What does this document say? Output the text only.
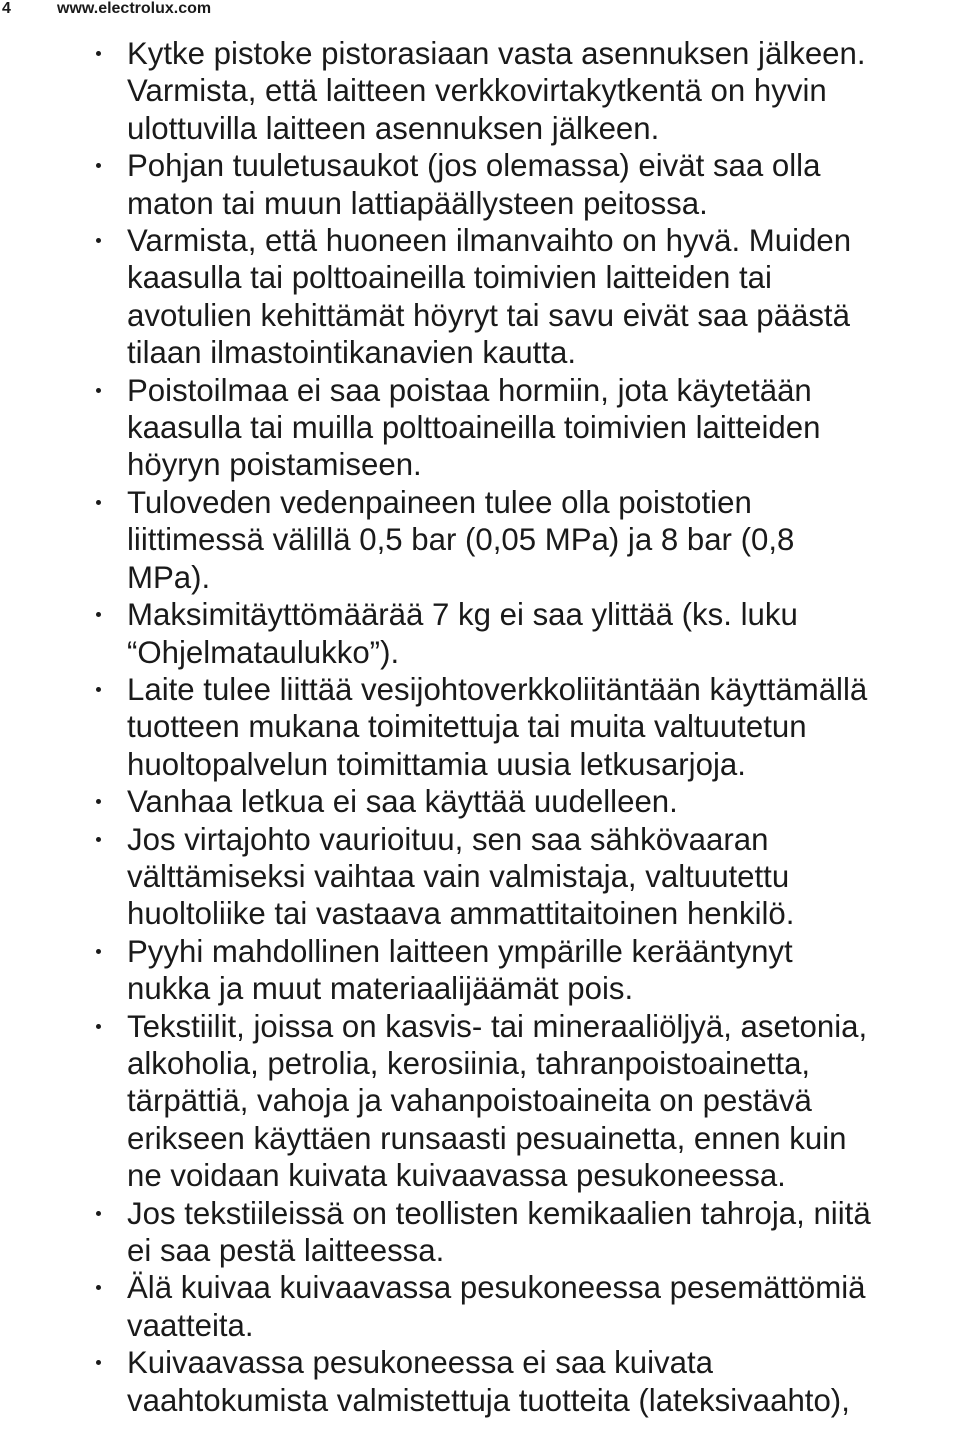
4	www.electrolux.com
Kytke pistoke pistorasiaan vasta asennuksen jälkeen.
Varmista, että laitteen verkkovirtakytkentä on hyvin
ulottuvilla laitteen asennuksen jälkeen.
Pohjan tuuletusaukot (jos olemassa) eivät saa olla
maton tai muun lattiapäällysteen peitossa.
Varmista, että huoneen ilmanvaihto on hyvä. Muiden
kaasulla tai polttoaineilla toimivien laitteiden tai
avotulien kehittämät höyryt tai savu eivät saa päästä
tilaan ilmastointikanavien kautta.
Poistoilmaa ei saa poistaa hormiin, jota käytetään
kaasulla tai muilla polttoaineilla toimivien laitteiden
höyryn poistamiseen.
Tuloveden vedenpaineen tulee olla poistotien
liittimessä välillä 0,5 bar (0,05 MPa) ja 8 bar (0,8
MPa).
Maksimitäyttömäärää 7 kg ei saa ylittää (ks. luku
“Ohjelmataulukko”).
Laite tulee liittää vesijohtoverkkoliitäntään käyttämällä
tuotteen mukana toimitettuja tai muita valtuutetun
huoltopalvelun toimittamia uusia letkusarjoja.
Vanhaa letkua ei saa käyttää uudelleen.
Jos virtajohto vaurioituu, sen saa sähkövaaran
välttämiseksi vaihtaa vain valmistaja, valtuutettu
huoltoliike tai vastaava ammattitaitoinen henkilö.
Pyyhi mahdollinen laitteen ympärille kerääntynyt
nukka ja muut materiaalijäämät pois.
Tekstiilit, joissa on kasvis- tai mineraaliöljyä, asetonia,
alkoholia, petrolia, kerosiinia, tahranpoistoainetta,
tärpättiä, vahoja ja vahanpoistoaineita on pestävä
erikseen käyttäen runsaasti pesuainetta, ennen kuin
ne voidaan kuivata kuivaavassa pesukoneessa.
Jos tekstiileissä on teollisten kemikaalien tahroja, niitä
ei saa pestä laitteessa.
Älä kuivaa kuivaavassa pesukoneessa pesemättömiä
vaatteita.
Kuivaavassa pesukoneessa ei saa kuivata
vaahtokumista valmistettuja tuotteita (lateksivaahto),
